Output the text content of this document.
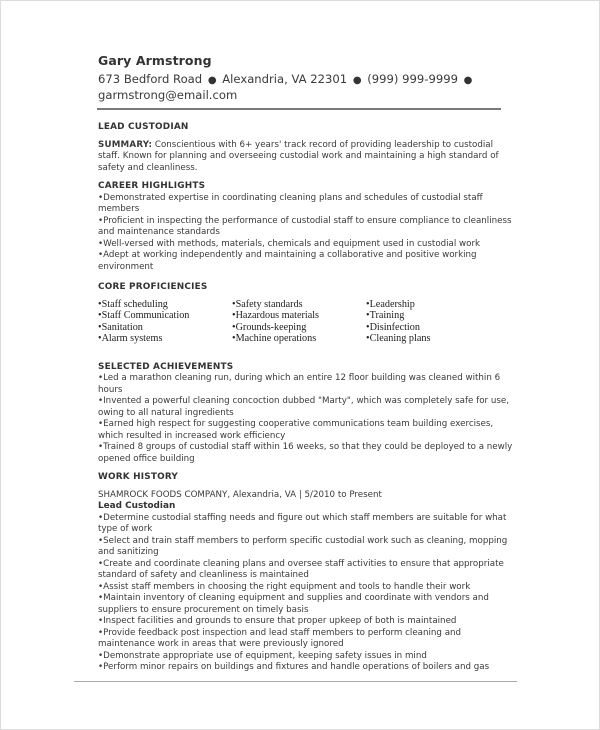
Gary Armstrong
673 Bedford Road ● Alexandria, VA 22301 ● (999) 999-9999 ●
garmstrong@email.com
LEAD CUSTODIAN
SUMMARY: Conscientious with 6+ years' track record of providing leadership to custodial staff. Known for planning and overseeing custodial work and maintaining a high standard of safety and cleanliness.
CAREER HIGHLIGHTS
• Demonstrated expertise in coordinating cleaning plans and schedules of custodial staff members
• Proficient in inspecting the performance of custodial staff to ensure compliance to cleanliness and maintenance standards
• Well-versed with methods, materials, chemicals and equipment used in custodial work
• Adept at working independently and maintaining a collaborative and positive working environment
CORE PROFICIENCIES
• Staff scheduling	• Safety standards	• Leadership
• Staff Communication	• Hazardous materials	• Training
• Sanitation	• Grounds-keeping	• Disinfection
• Alarm systems	• Machine operations	• Cleaning plans
SELECTED ACHIEVEMENTS
• Led a marathon cleaning run, during which an entire 12 floor building was cleaned within 6 hours
• Invented a powerful cleaning concoction dubbed "Marty", which was completely safe for use, owing to all natural ingredients
• Earned high respect for suggesting cooperative communications team building exercises, which resulted in increased work efficiency
• Trained 8 groups of custodial staff within 16 weeks, so that they could be deployed to a newly opened office building
WORK HISTORY
SHAMROCK FOODS COMPANY, Alexandria, VA | 5/2010 to Present
Lead Custodian
• Determine custodial staffing needs and figure out which staff members are suitable for what type of work
• Select and train staff members to perform specific custodial work such as cleaning, mopping and sanitizing
• Create and coordinate cleaning plans and oversee staff activities to ensure that appropriate standard of safety and cleanliness is maintained
• Assist staff members in choosing the right equipment and tools to handle their work
• Maintain inventory of cleaning equipment and supplies and coordinate with vendors and suppliers to ensure procurement on timely basis
• Inspect facilities and grounds to ensure that proper upkeep of both is maintained
• Provide feedback post inspection and lead staff members to perform cleaning and maintenance work in areas that were previously ignored
• Demonstrate appropriate use of equipment, keeping safety issues in mind
• Perform minor repairs on buildings and fixtures and handle operations of boilers and gas
